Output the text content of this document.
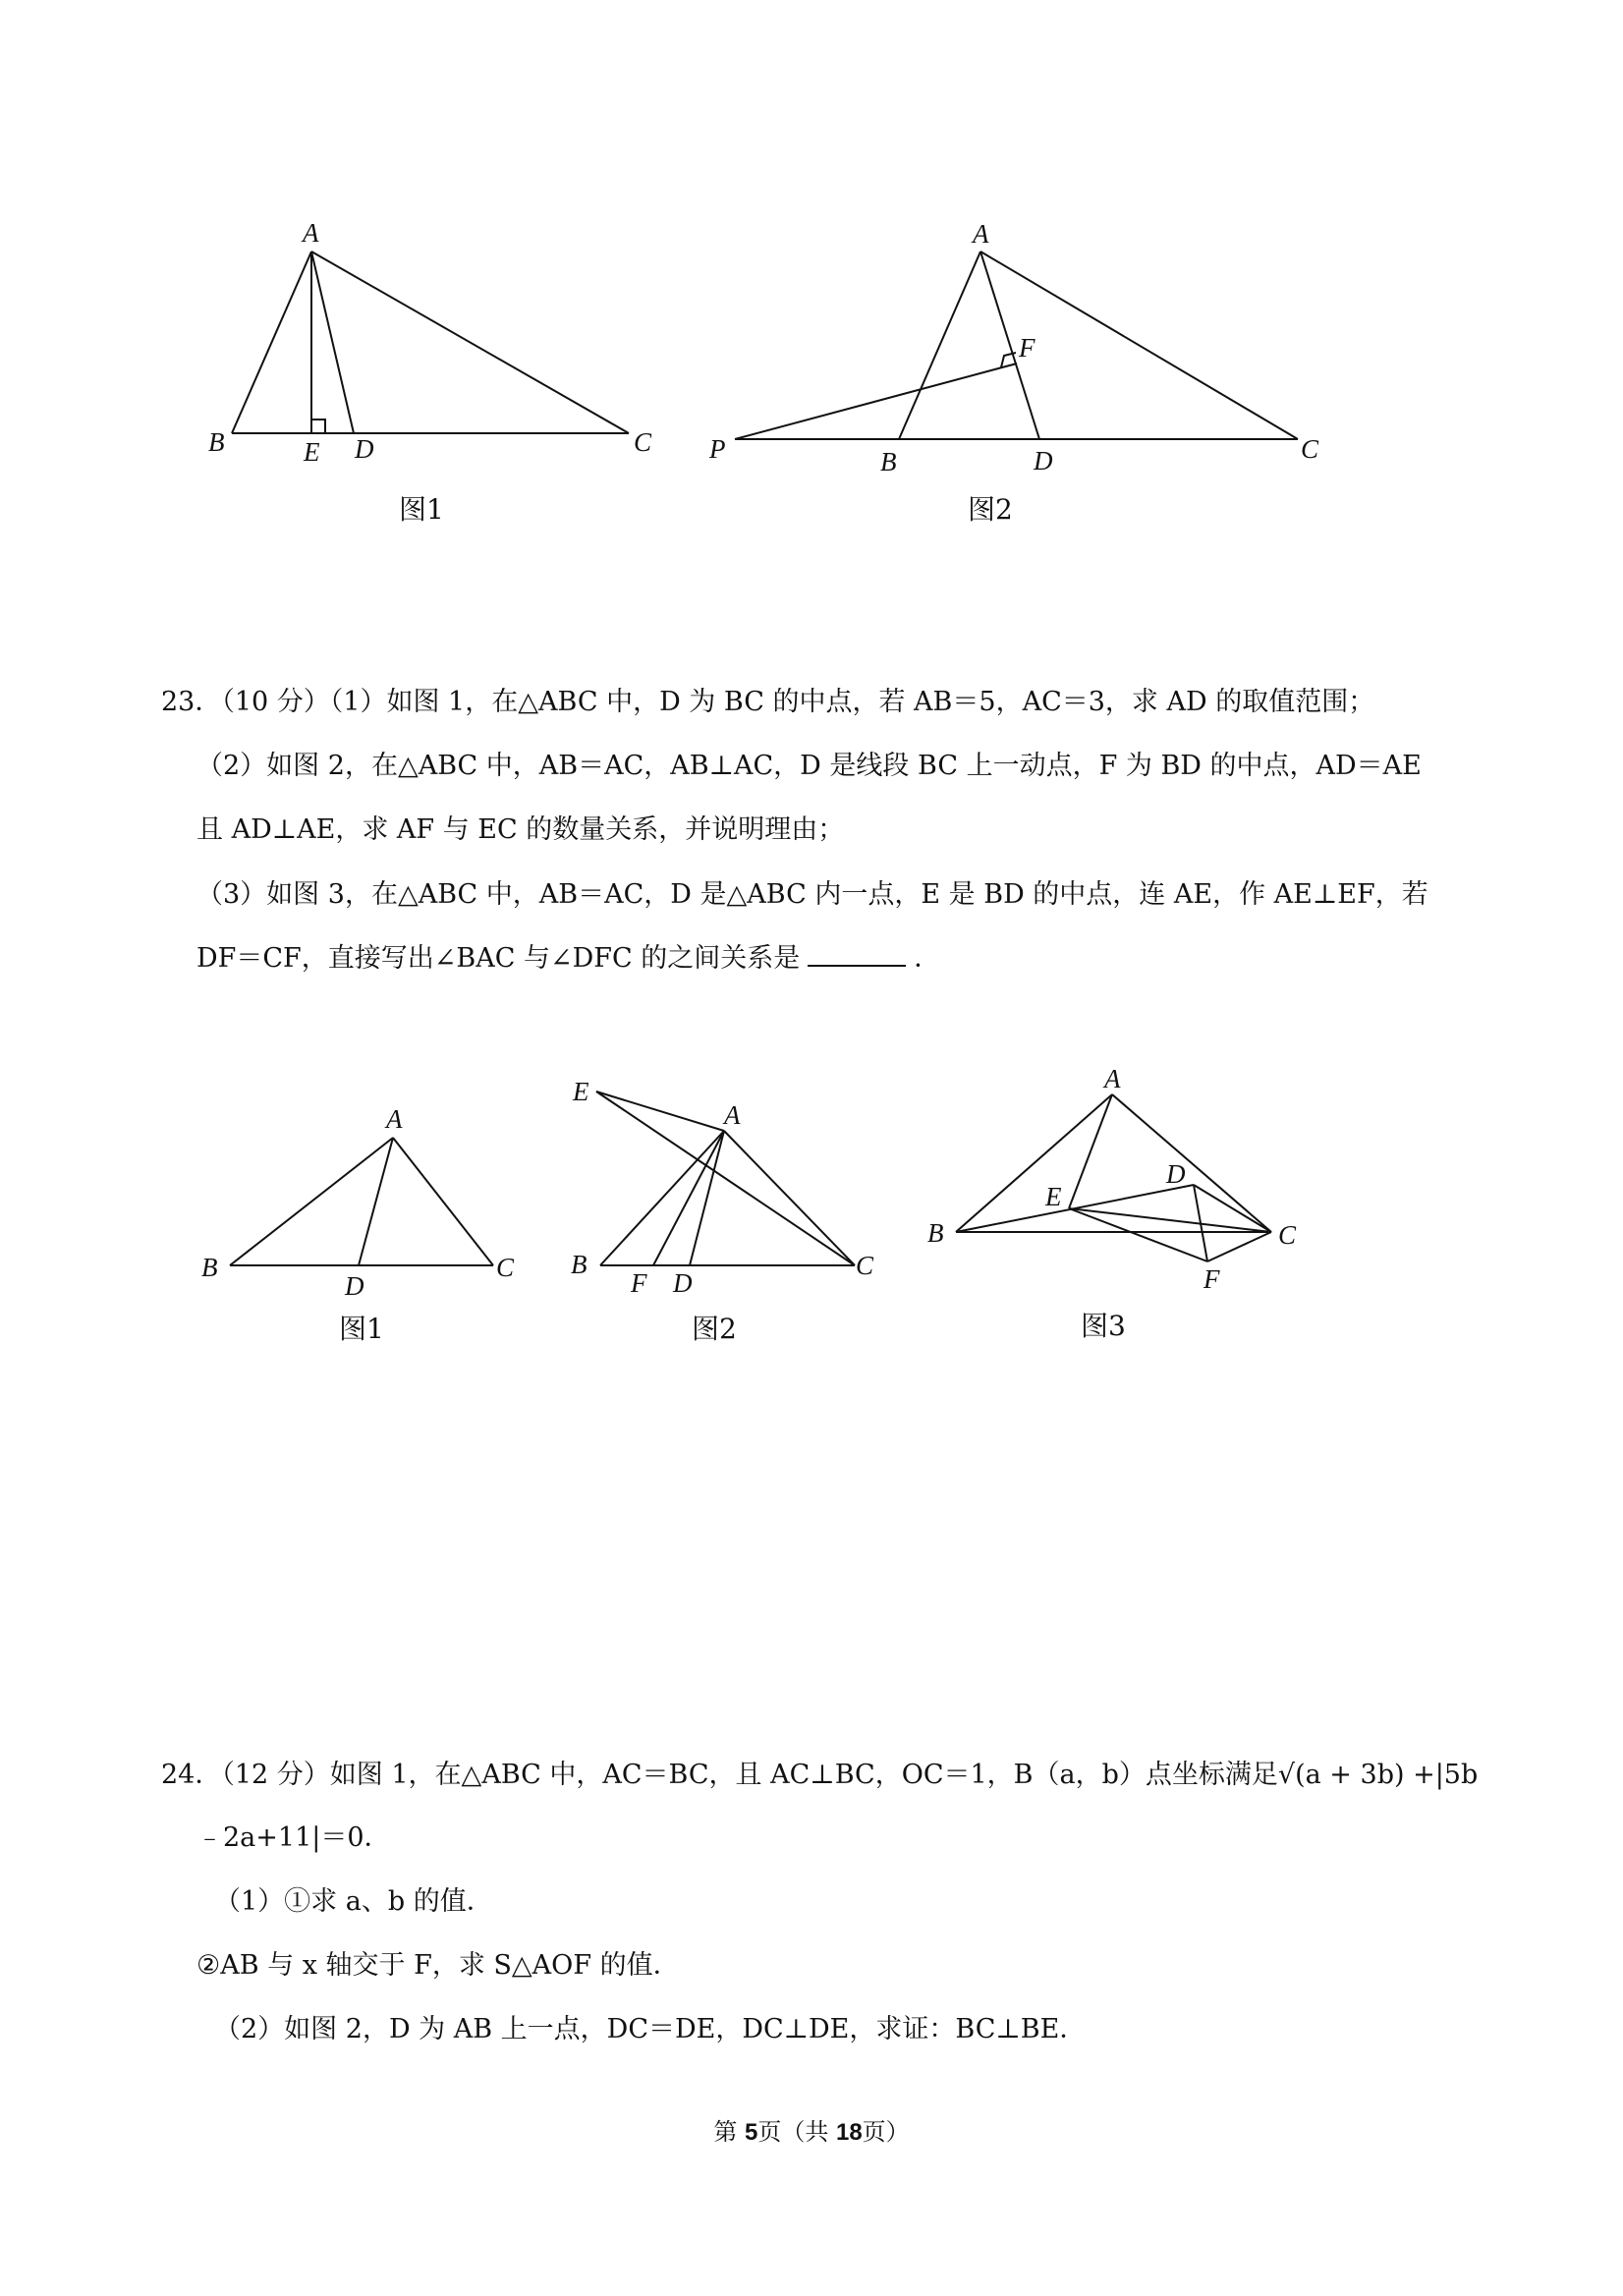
A
B	E D	C
图1
A
F
P	B	D	C
图2
23．（10 分）（1）如图 1，在△ABC 中，D 为 BC 的中点，若 AB＝5，AC＝3，求 AD 的取值范围；
（2）如图 2，在△ABC 中，AB＝AC，AB⊥AC，D 是线段 BC 上一动点，F 为 BD 的中点，AD＝AE
且 AD⊥AE，求 AF 与 EC 的数量关系，并说明理由；
（3）如图 3，在△ABC 中，AB＝AC，D 是△ABC 内一点，E 是 BD 的中点，连 AE，作 AE⊥EF，若
DF＝CF，直接写出∠BAC 与∠DFC 的之间关系是	．
A
B
D
C
图1
E
A
B
F D
C
图2
A
B
E
D
C
F
图3
24．（12 分）如图 1，在△ABC 中，AC＝BC，且 AC⊥BC，OC＝1，B（a，b）点坐标满足√(a + 3b) +|5b
﹣2a+11|＝0．
（1）①求 a、b 的值．
②AB 与 x 轴交于 F，求 S△AOF 的值．
（2）如图 2，D 为 AB 上一点，DC＝DE，DC⊥DE，求证：BC⊥BE．
第 5页（共 18页）
